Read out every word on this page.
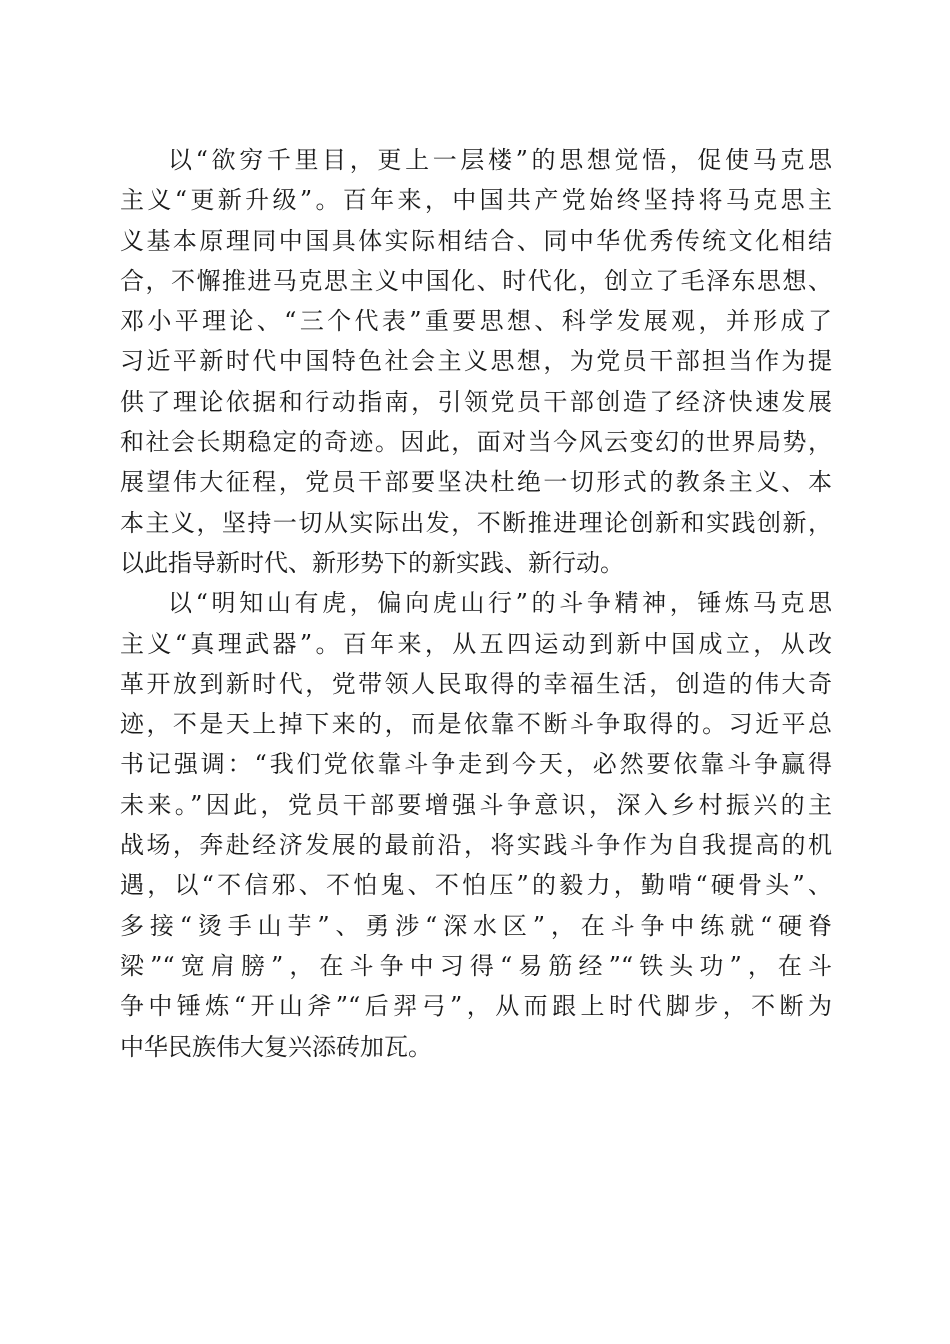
以“欲穷千里目，更上一层楼”的思想觉悟，促使马克思
主义“更新升级”。百年来，中国共产党始终坚持将马克思主
义基本原理同中国具体实际相结合、同中华优秀传统文化相结
合，不懈推进马克思主义中国化、时代化，创立了毛泽东思想、
邓小平理论、“三个代表”重要思想、科学发展观，并形成了
习近平新时代中国特色社会主义思想，为党员干部担当作为提
供了理论依据和行动指南，引领党员干部创造了经济快速发展
和社会长期稳定的奇迹。因此，面对当今风云变幻的世界局势，
展望伟大征程，党员干部要坚决杜绝一切形式的教条主义、本
本主义，坚持一切从实际出发，不断推进理论创新和实践创新，
以此指导新时代、新形势下的新实践、新行动。
以“明知山有虎，偏向虎山行”的斗争精神，锤炼马克思
主义“真理武器”。百年来，从五四运动到新中国成立，从改
革开放到新时代，党带领人民取得的幸福生活，创造的伟大奇
迹，不是天上掉下来的，而是依靠不断斗争取得的。习近平总
书记强调：“我们党依靠斗争走到今天，必然要依靠斗争赢得
未来。”因此，党员干部要增强斗争意识，深入乡村振兴的主
战场，奔赴经济发展的最前沿，将实践斗争作为自我提高的机
遇，以“不信邪、不怕鬼、不怕压”的毅力，勤啃“硬骨头”、
多接“烫手山芋”、勇涉“深水区”，在斗争中练就“硬脊
梁”“宽肩膀”，在斗争中习得“易筋经”“铁头功”，在斗
争中锤炼“开山斧”“后羿弓”，从而跟上时代脚步，不断为
中华民族伟大复兴添砖加瓦。
